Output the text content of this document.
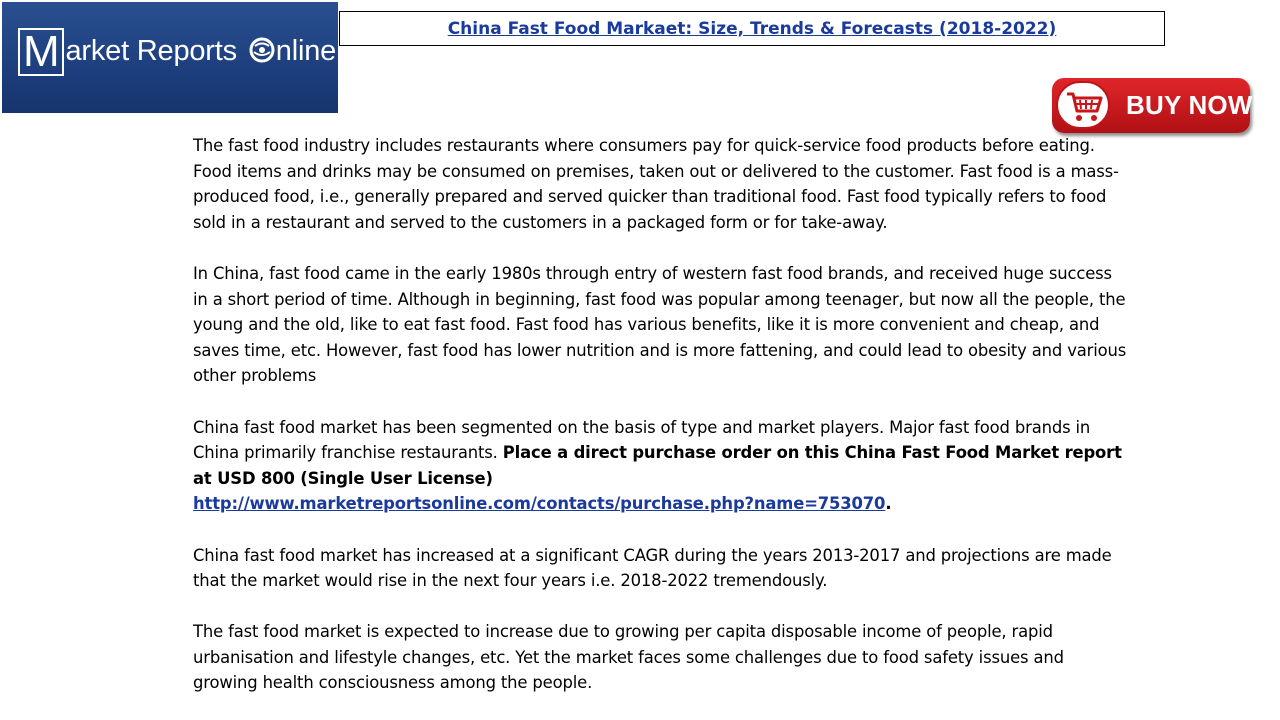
M arket Reports nline
China Fast Food Markaet: Size, Trends & Forecasts (2018-2022)
BUY NOW

The fast food industry includes restaurants where consumers pay for quick-service food products before eating. Food items and drinks may be consumed on premises, taken out or delivered to the customer. Fast food is a mass-produced food, i.e., generally prepared and served quicker than traditional food. Fast food typically refers to food sold in a restaurant and served to the customers in a packaged form or for take-away.

In China, fast food came in the early 1980s through entry of western fast food brands, and received huge success in a short period of time. Although in beginning, fast food was popular among teenager, but now all the people, the young and the old, like to eat fast food. Fast food has various benefits, like it is more convenient and cheap, and saves time, etc. However, fast food has lower nutrition and is more fattening, and could lead to obesity and various other problems

China fast food market has been segmented on the basis of type and market players. Major fast food brands in China primarily franchise restaurants. Place a direct purchase order on this China Fast Food Market report at USD 800 (Single User License)
http://www.marketreportsonline.com/contacts/purchase.php?name=753070.

China fast food market has increased at a significant CAGR during the years 2013-2017 and projections are made that the market would rise in the next four years i.e. 2018-2022 tremendously.

The fast food market is expected to increase due to growing per capita disposable income of people, rapid urbanisation and lifestyle changes, etc. Yet the market faces some challenges due to food safety issues and growing health consciousness among the people.
